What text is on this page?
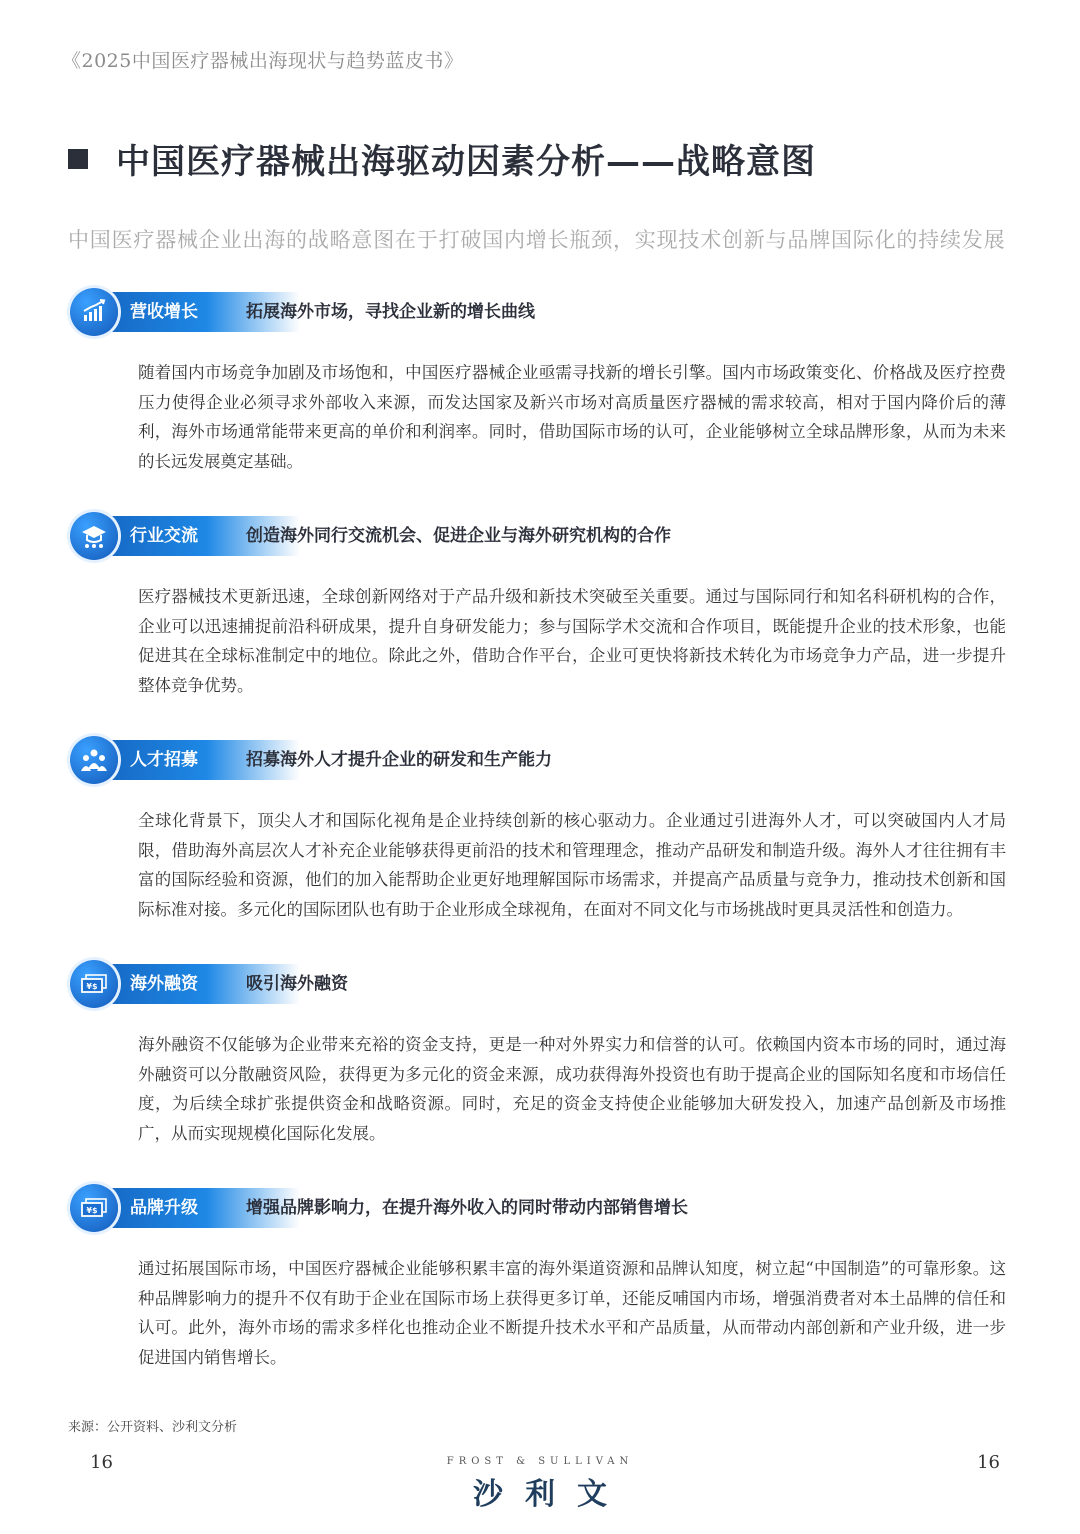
《2025中国医疗器械出海现状与趋势蓝皮书》
中国医疗器械出海驱动因素分析——战略意图
中国医疗器械企业出海的战略意图在于打破国内增长瓶颈，实现技术创新与品牌国际化的持续发展
营收增长	拓展海外市场，寻找企业新的增长曲线
随着国内市场竞争加剧及市场饱和，中国医疗器械企业亟需寻找新的增长引擎。国内市场政策变化、价格战及医疗控费压力使得企业必须寻求外部收入来源，而发达国家及新兴市场对高质量医疗器械的需求较高，相对于国内降价后的薄利，海外市场通常能带来更高的单价和利润率。同时，借助国际市场的认可，企业能够树立全球品牌形象，从而为未来的长远发展奠定基础。
行业交流	创造海外同行交流机会、促进企业与海外研究机构的合作
医疗器械技术更新迅速，全球创新网络对于产品升级和新技术突破至关重要。通过与国际同行和知名科研机构的合作，企业可以迅速捕捉前沿科研成果，提升自身研发能力；参与国际学术交流和合作项目，既能提升企业的技术形象，也能促进其在全球标准制定中的地位。除此之外，借助合作平台，企业可更快将新技术转化为市场竞争力产品，进一步提升整体竞争优势。
人才招募	招募海外人才提升企业的研发和生产能力
全球化背景下，顶尖人才和国际化视角是企业持续创新的核心驱动力。企业通过引进海外人才，可以突破国内人才局限，借助海外高层次人才补充企业能够获得更前沿的技术和管理理念，推动产品研发和制造升级。海外人才往往拥有丰富的国际经验和资源，他们的加入能帮助企业更好地理解国际市场需求，并提高产品质量与竞争力，推动技术创新和国际标准对接。多元化的国际团队也有助于企业形成全球视角，在面对不同文化与市场挑战时更具灵活性和创造力。
¥$ 海外融资	吸引海外融资
海外融资不仅能够为企业带来充裕的资金支持，更是一种对外界实力和信誉的认可。依赖国内资本市场的同时，通过海外融资可以分散融资风险，获得更为多元化的资金来源，成功获得海外投资也有助于提高企业的国际知名度和市场信任度，为后续全球扩张提供资金和战略资源。同时，充足的资金支持使企业能够加大研发投入，加速产品创新及市场推广，从而实现规模化国际化发展。
¥$ 品牌升级	增强品牌影响力，在提升海外收入的同时带动内部销售增长
通过拓展国际市场，中国医疗器械企业能够积累丰富的海外渠道资源和品牌认知度，树立起“中国制造”的可靠形象。这种品牌影响力的提升不仅有助于企业在国际市场上获得更多订单，还能反哺国内市场，增强消费者对本土品牌的信任和认可。此外，海外市场的需求多样化也推动企业不断提升技术水平和产品质量，从而带动内部创新和产业升级，进一步促进国内销售增长。
来源：公开资料、沙利文分析
16	16
FROST & SULLIVAN
沙利文
